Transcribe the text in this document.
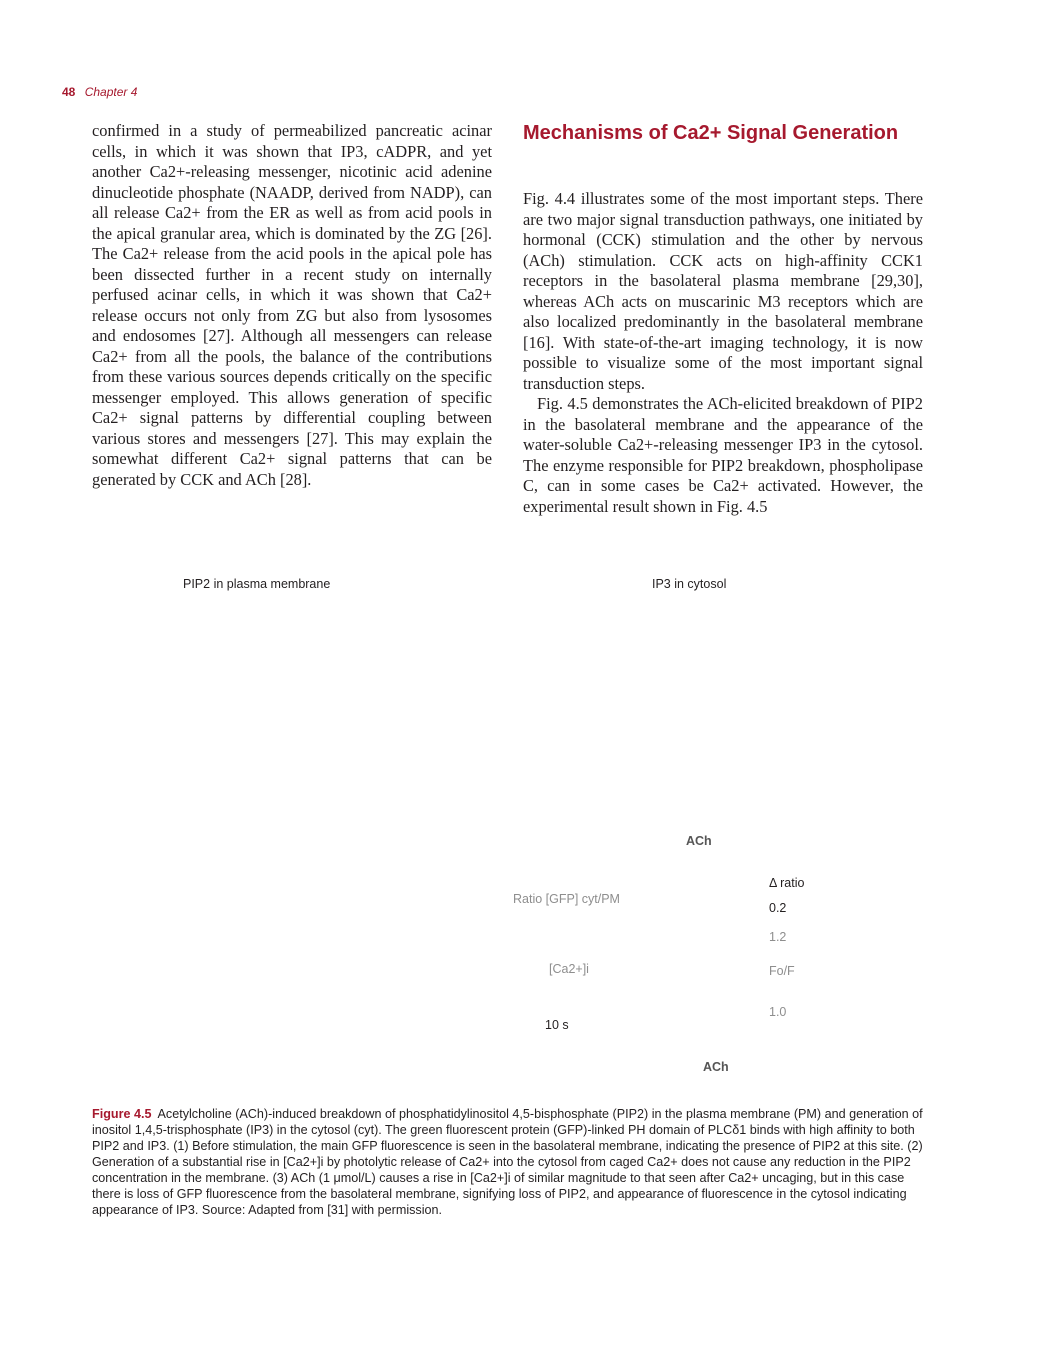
48 Chapter 4

confirmed in a study of permeabilized pancreatic acinar cells, in which it was shown that IP3, cADPR, and yet another Ca2+-releasing messenger, nicotinic acid adenine dinucleotide phosphate (NAADP, derived from NADP), can all release Ca2+ from the ER as well as from acid pools in the apical granular area, which is dominated by the ZG [26]. The Ca2+ release from the acid pools in the apical pole has been dissected further in a recent study on internally perfused acinar cells, in which it was shown that Ca2+ release occurs not only from ZG but also from lysosomes and endosomes [27]. Although all messengers can release Ca2+ from all the pools, the balance of the contributions from these various sources depends critically on the specific messenger employed. This allows generation of specific Ca2+ signal patterns by differential coupling between various stores and messengers [27]. This may explain the somewhat different Ca2+ signal patterns that can be generated by CCK and ACh [28].

Mechanisms of Ca2+ Signal Generation

Fig. 4.4 illustrates some of the most important steps. There are two major signal transduction pathways, one initiated by hormonal (CCK) stimulation and the other by nervous (ACh) stimulation. CCK acts on high-affinity CCK1 receptors in the basolateral plasma membrane [29,30], whereas ACh acts on muscarinic M3 receptors which are also localized predominantly in the basolateral membrane [16]. With state-of-the-art imaging technology, it is now possible to visualize some of the most important signal transduction steps.

Fig. 4.5 demonstrates the ACh-elicited breakdown of PIP2 in the basolateral membrane and the appearance of the water-soluble Ca2+-releasing messenger IP3 in the cytosol. The enzyme responsible for PIP2 breakdown, phospholipase C, can in some cases be Ca2+ activated. However, the experimental result shown in Fig. 4.5

PIP2 in plasma membrane	IP3 in cytosol
ACh
Δ ratio
Ratio [GFP] cyt/PM
0.2
1.2
[Ca2+]i	Fo/F
1.0
10 s
ACh
Figure 4.5 Acetylcholine (ACh)-induced breakdown of phosphatidylinositol 4,5-bisphosphate (PIP2) in the plasma membrane (PM) and generation of inositol 1,4,5-trisphosphate (IP3) in the cytosol (cyt). The green fluorescent protein (GFP)-linked PH domain of PLCδ1 binds with high affinity to both PIP2 and IP3. (1) Before stimulation, the main GFP fluorescence is seen in the basolateral membrane, indicating the presence of PIP2 at this site. (2) Generation of a substantial rise in [Ca2+]i by photolytic release of Ca2+ into the cytosol from caged Ca2+ does not cause any reduction in the PIP2 concentration in the membrane. (3) ACh (1 μmol/L) causes a rise in [Ca2+]i of similar magnitude to that seen after Ca2+ uncaging, but in this case there is loss of GFP fluorescence from the basolateral membrane, signifying loss of PIP2, and appearance of fluorescence in the cytosol indicating appearance of IP3. Source: Adapted from [31] with permission.
